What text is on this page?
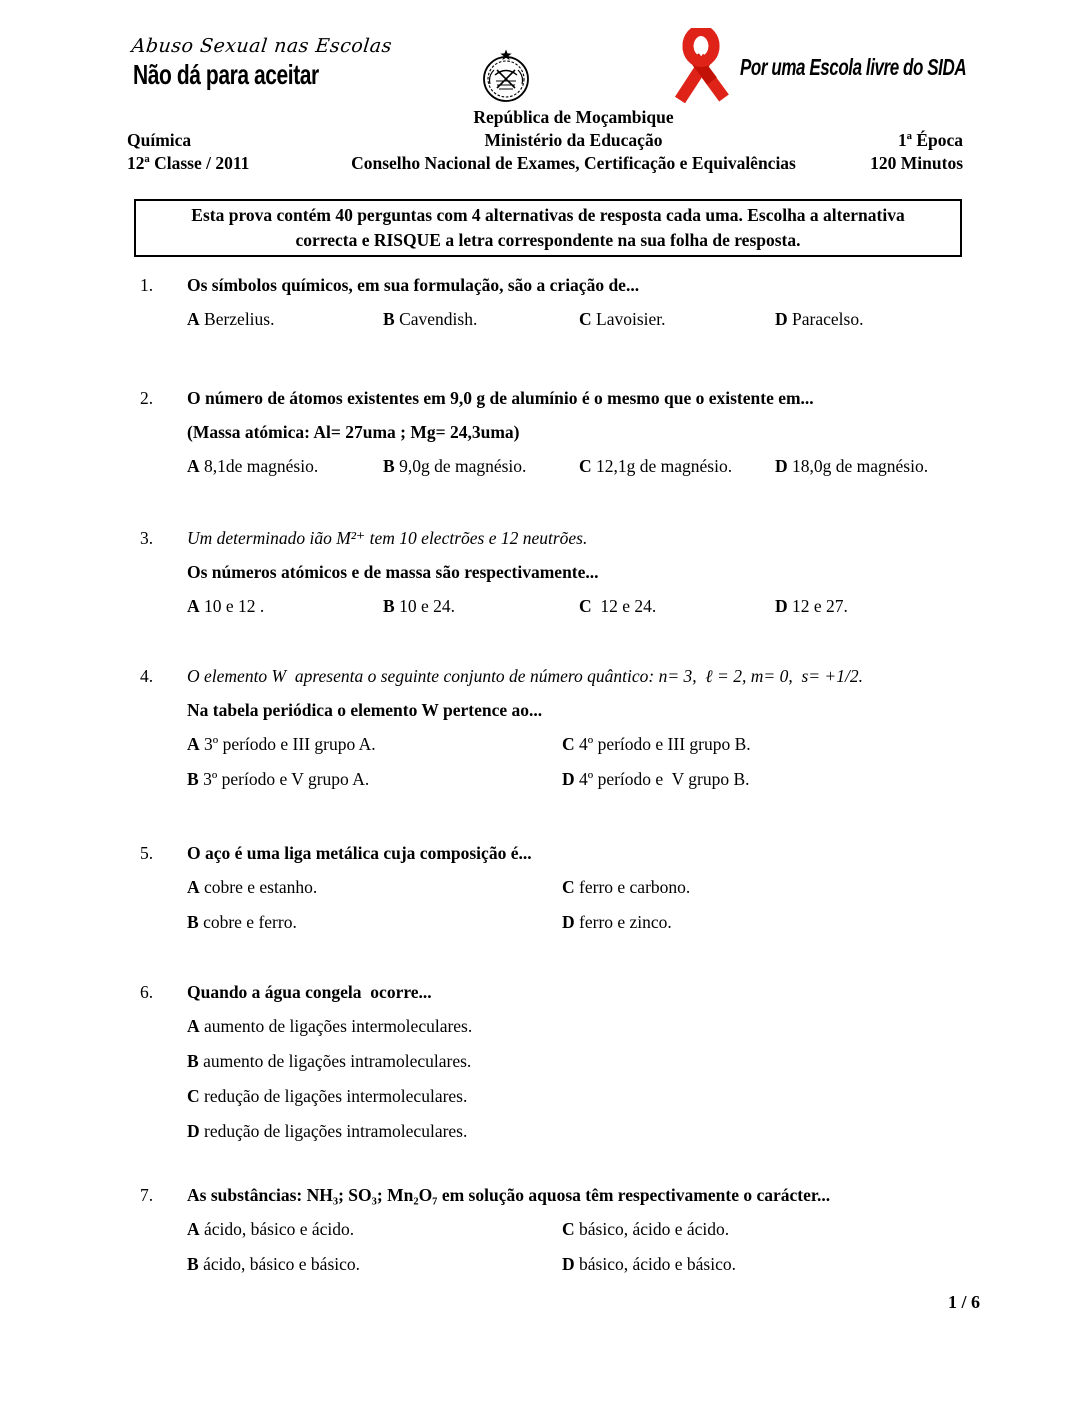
Abuso Sexual nas Escolas
Não dá para aceitar	Por uma Escola livre do SIDA
República de Moçambique
Química	Ministério da Educação	1ª Época
12ª Classe / 2011	Conselho Nacional de Exames, Certificação e Equivalências	120 Minutos
Esta prova contém 40 perguntas com 4 alternativas de resposta cada uma. Escolha a alternativa correcta e RISQUE a letra correspondente na sua folha de resposta.
1.	Os símbolos químicos, em sua formulação, são a criação de...
A Berzelius.	B Cavendish.	C Lavoisier.	D Paracelso.
2.	O número de átomos existentes em 9,0 g de alumínio é o mesmo que o existente em...
(Massa atómica: Al= 27uma ; Mg= 24,3uma)
A 8,1de magnésio.	B 9,0g de magnésio.	C 12,1g de magnésio.	D 18,0g de magnésio.
3.	Um determinado ião M²⁺ tem 10 electrões e 12 neutrões.
Os números atómicos e de massa são respectivamente...
A 10 e 12 .	B 10 e 24.	C  12 e 24.	D 12 e 27.
4.	O elemento W  apresenta o seguinte conjunto de número quântico: n= 3,  ℓ = 2, m= 0,  s= +1/2.
Na tabela periódica o elemento W pertence ao...
A 3º período e III grupo A.	C 4º período e III grupo B.
B 3º período e V grupo A.	D 4º período e  V grupo B.
5.	O aço é uma liga metálica cuja composição é...
A cobre e estanho.	C ferro e carbono.
B cobre e ferro.	D ferro e zinco.
6.	Quando a água congela  ocorre...
A aumento de ligações intermoleculares.
B aumento de ligações intramoleculares.
C redução de ligações intermoleculares.
D redução de ligações intramoleculares.
7.	As substâncias: NH₃; SO₃; Mn₂O₇ em solução aquosa têm respectivamente o carácter...
A ácido, básico e ácido.	C básico, ácido e ácido.
B ácido, básico e básico.	D básico, ácido e básico.
1 / 6
